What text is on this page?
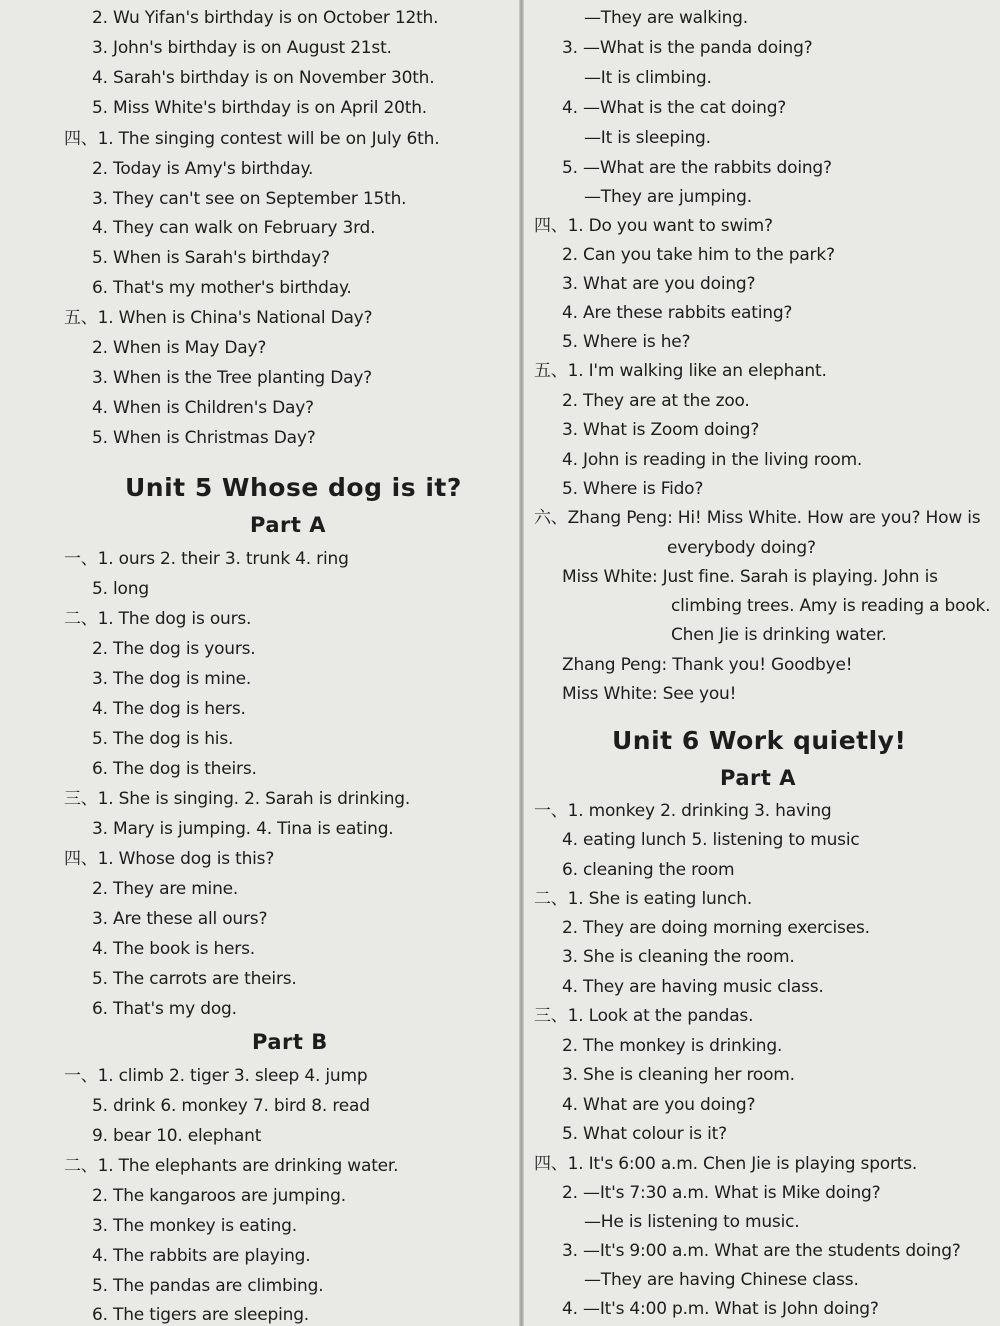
2. Wu Yifan's birthday is on October 12th.
3. John's birthday is on August 21st.
4. Sarah's birthday is on November 30th.
5. Miss White's birthday is on April 20th.
四、1. The singing contest will be on July 6th.
2. Today is Amy's birthday.
3. They can't see on September 15th.
4. They can walk on February 3rd.
5. When is Sarah's birthday?
6. That's my mother's birthday.
五、1. When is China's National Day?
2. When is May Day?
3. When is the Tree planting Day?
4. When is Children's Day?
5. When is Christmas Day?
Unit 5 Whose dog is it?
Part A
一、1. ours 2. their 3. trunk 4. ring
5. long
二、1. The dog is ours.
2. The dog is yours.
3. The dog is mine.
4. The dog is hers.
5. The dog is his.
6. The dog is theirs.
三、1. She is singing. 2. Sarah is drinking.
3. Mary is jumping. 4. Tina is eating.
四、1. Whose dog is this?
2. They are mine.
3. Are these all ours?
4. The book is hers.
5. The carrots are theirs.
6. That's my dog.
Part B
一、1. climb 2. tiger 3. sleep 4. jump
5. drink 6. monkey 7. bird 8. read
9. bear 10. elephant
二、1. The elephants are drinking water.
2. The kangaroos are jumping.
3. The monkey is eating.
4. The rabbits are playing.
5. The pandas are climbing.
6. The tigers are sleeping.
—They are walking.
3. —What is the panda doing?
—It is climbing.
4. —What is the cat doing?
—It is sleeping.
5. —What are the rabbits doing?
—They are jumping.
四、1. Do you want to swim?
2. Can you take him to the park?
3. What are you doing?
4. Are these rabbits eating?
5. Where is he?
五、1. I'm walking like an elephant.
2. They are at the zoo.
3. What is Zoom doing?
4. John is reading in the living room.
5. Where is Fido?
六、Zhang Peng: Hi! Miss White. How are you? How is
everybody doing?
Miss White: Just fine. Sarah is playing. John is
climbing trees. Amy is reading a book.
Chen Jie is drinking water.
Zhang Peng: Thank you! Goodbye!
Miss White: See you!
Unit 6 Work quietly!
Part A
一、1. monkey 2. drinking 3. having
4. eating lunch 5. listening to music
6. cleaning the room
二、1. She is eating lunch.
2. They are doing morning exercises.
3. She is cleaning the room.
4. They are having music class.
三、1. Look at the pandas.
2. The monkey is drinking.
3. She is cleaning her room.
4. What are you doing?
5. What colour is it?
四、1. It's 6:00 a.m. Chen Jie is playing sports.
2. —It's 7:30 a.m. What is Mike doing?
—He is listening to music.
3. —It's 9:00 a.m. What are the students doing?
—They are having Chinese class.
4. —It's 4:00 p.m. What is John doing?
